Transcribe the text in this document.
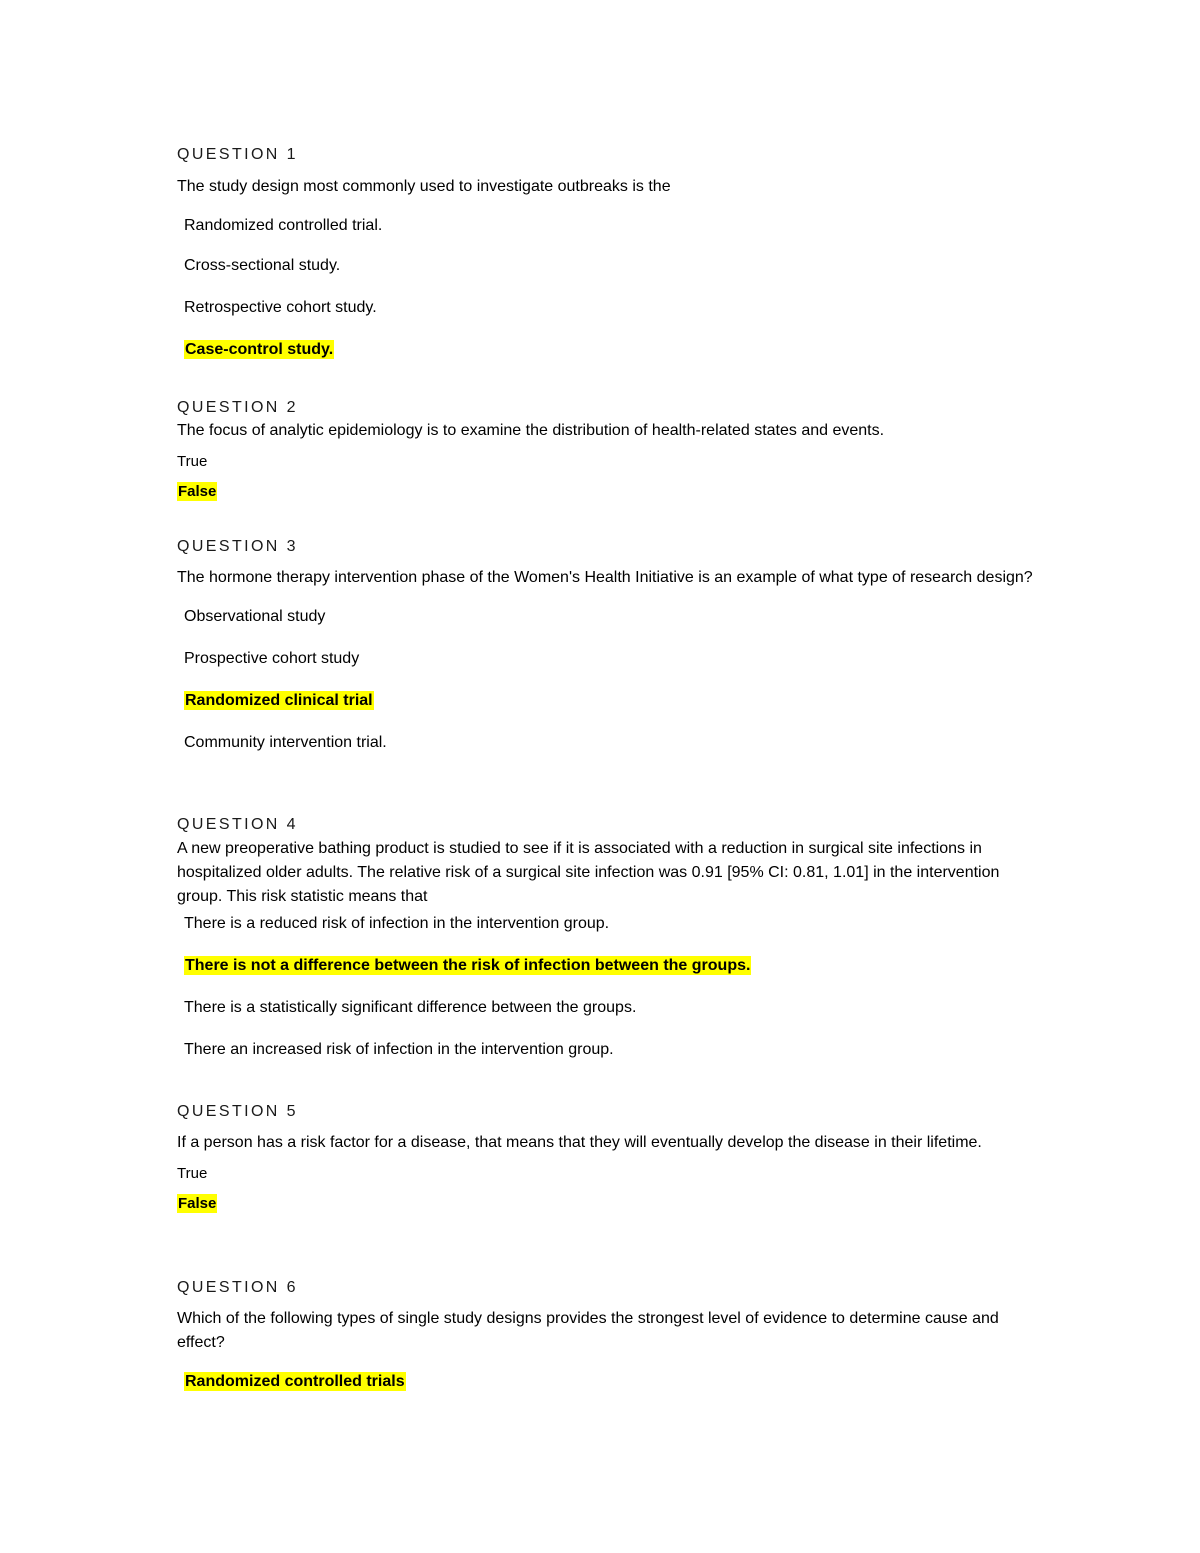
QUESTION 1

The study design most commonly used to investigate outbreaks is the

Randomized controlled trial.

Cross-sectional study.

Retrospective cohort study.

Case-control study.

QUESTION 2

The focus of analytic epidemiology is to examine the distribution of health-related states and events.

True

False

QUESTION 3

The hormone therapy intervention phase of the Women's Health Initiative is an example of what type of research design?

Observational study

Prospective cohort study

Randomized clinical trial

Community intervention trial.

QUESTION 4

A new preoperative bathing product is studied to see if it is associated with a reduction in surgical site infections in hospitalized older adults. The relative risk of a surgical site infection was 0.91 [95% CI: 0.81, 1.01] in the intervention group. This risk statistic means that

There is a reduced risk of infection in the intervention group.

There is not a difference between the risk of infection between the groups.

There is a statistically significant difference between the groups.

There an increased risk of infection in the intervention group.

QUESTION 5

If a person has a risk factor for a disease, that means that they will eventually develop the disease in their lifetime.

True

False

QUESTION 6

Which of the following types of single study designs provides the strongest level of evidence to determine cause and effect?

Randomized controlled trials
